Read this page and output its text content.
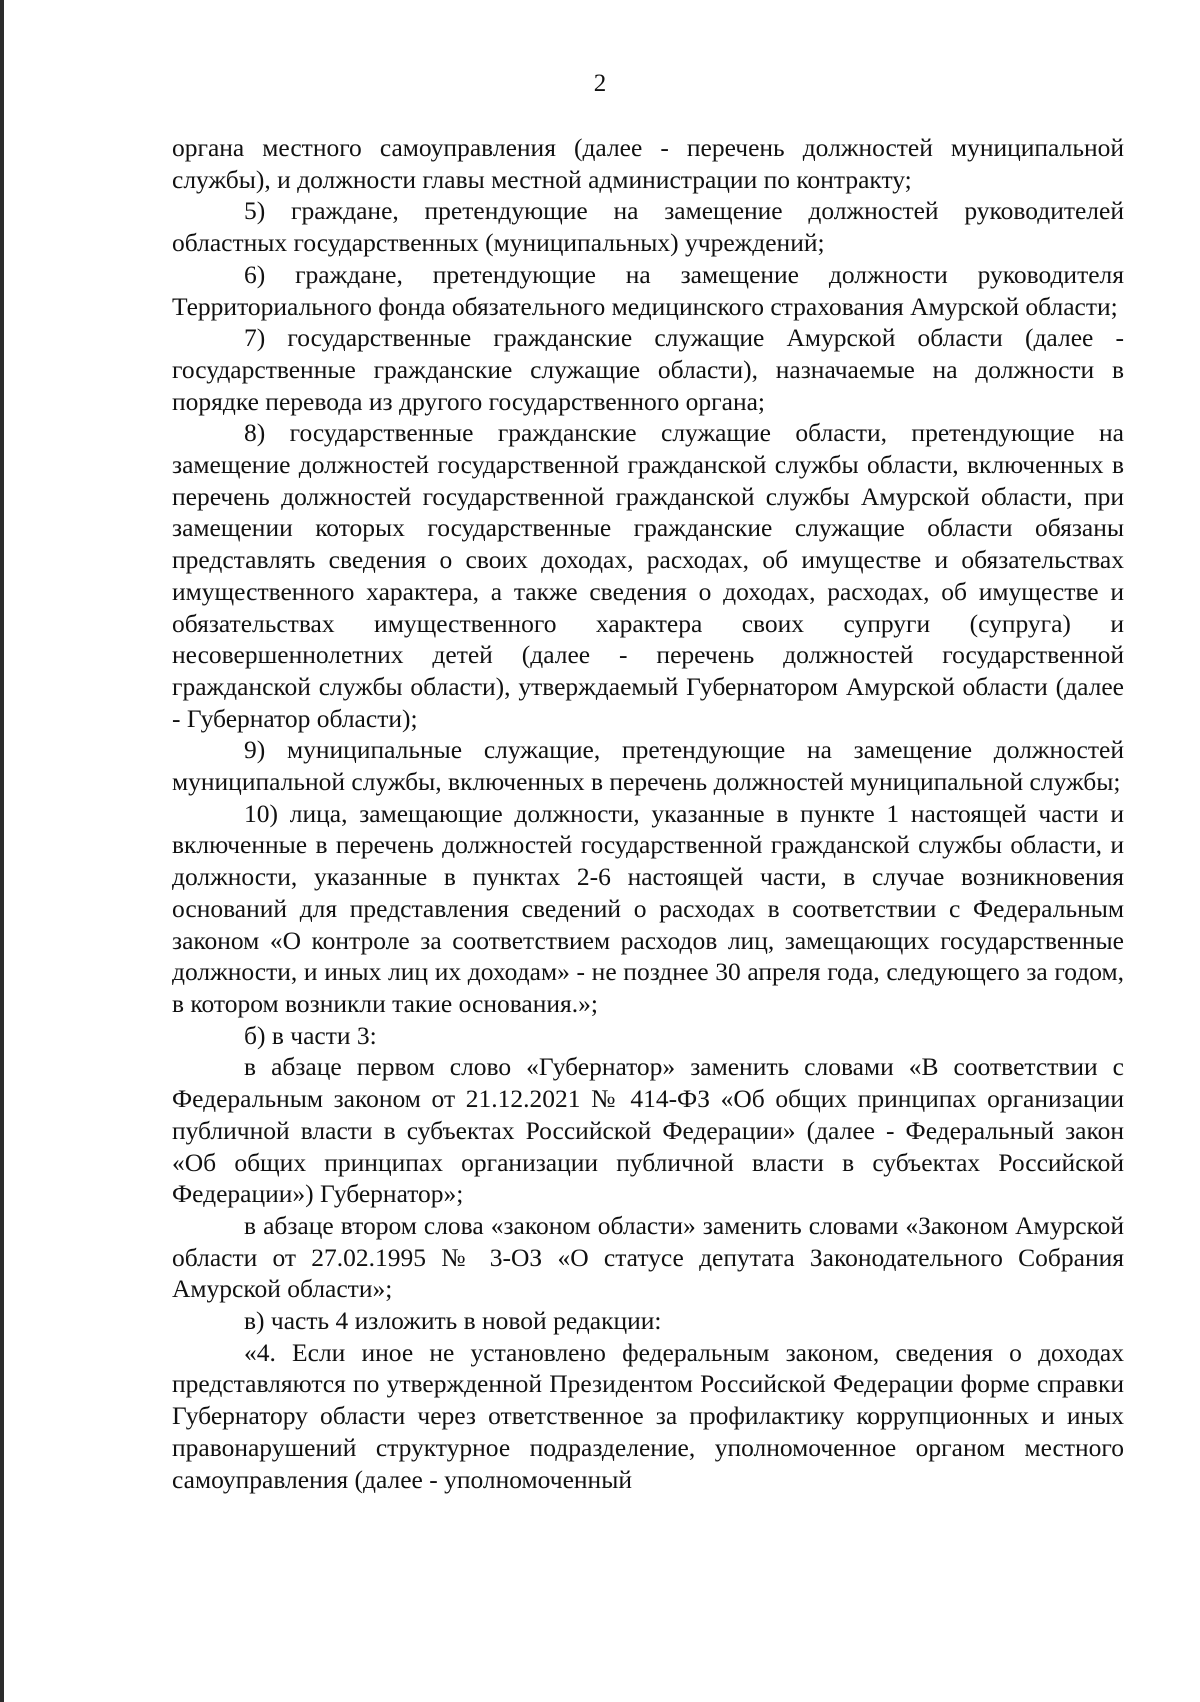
2

органа местного самоуправления (далее - перечень должностей муниципальной службы), и должности главы местной администрации по контракту;

5) граждане, претендующие на замещение должностей руководителей областных государственных (муниципальных) учреждений;

6) граждане, претендующие на замещение должности руководителя Территориального фонда обязательного медицинского страхования Амурской области;

7) государственные гражданские служащие Амурской области (далее - государственные гражданские служащие области), назначаемые на должности в порядке перевода из другого государственного органа;

8) государственные гражданские служащие области, претендующие на замещение должностей государственной гражданской службы области, включенных в перечень должностей государственной гражданской службы Амурской области, при замещении которых государственные гражданские служащие области обязаны представлять сведения о своих доходах, расходах, об имуществе и обязательствах имущественного характера, а также сведения о доходах, расходах, об имуществе и обязательствах имущественного характера своих супруги (супруга) и несовершеннолетних детей (далее - перечень должностей государственной гражданской службы области), утверждаемый Губернатором Амурской области (далее - Губернатор области);

9) муниципальные служащие, претендующие на замещение должностей муниципальной службы, включенных в перечень должностей муниципальной службы;

10) лица, замещающие должности, указанные в пункте 1 настоящей части и включенные в перечень должностей государственной гражданской службы области, и должности, указанные в пунктах 2-6 настоящей части, в случае возникновения оснований для представления сведений о расходах в соответствии с Федеральным законом «О контроле за соответствием расходов лиц, замещающих государственные должности, и иных лиц их доходам» - не позднее 30 апреля года, следующего за годом, в котором возникли такие основания.»;

б) в части 3:

в абзаце первом слово «Губернатор» заменить словами «В соответствии с Федеральным законом от 21.12.2021 № 414-ФЗ «Об общих принципах организации публичной власти в субъектах Российской Федерации» (далее - Федеральный закон «Об общих принципах организации публичной власти в субъектах Российской Федерации») Губернатор»;

в абзаце втором слова «законом области» заменить словами «Законом Амурской области от 27.02.1995 № 3-ОЗ «О статусе депутата Законодательного Собрания Амурской области»;

в) часть 4 изложить в новой редакции:

«4. Если иное не установлено федеральным законом, сведения о доходах представляются по утвержденной Президентом Российской Федерации форме справки Губернатору области через ответственное за профилактику коррупционных и иных правонарушений структурное подразделение, уполномоченное органом местного самоуправления (далее - уполномоченный
